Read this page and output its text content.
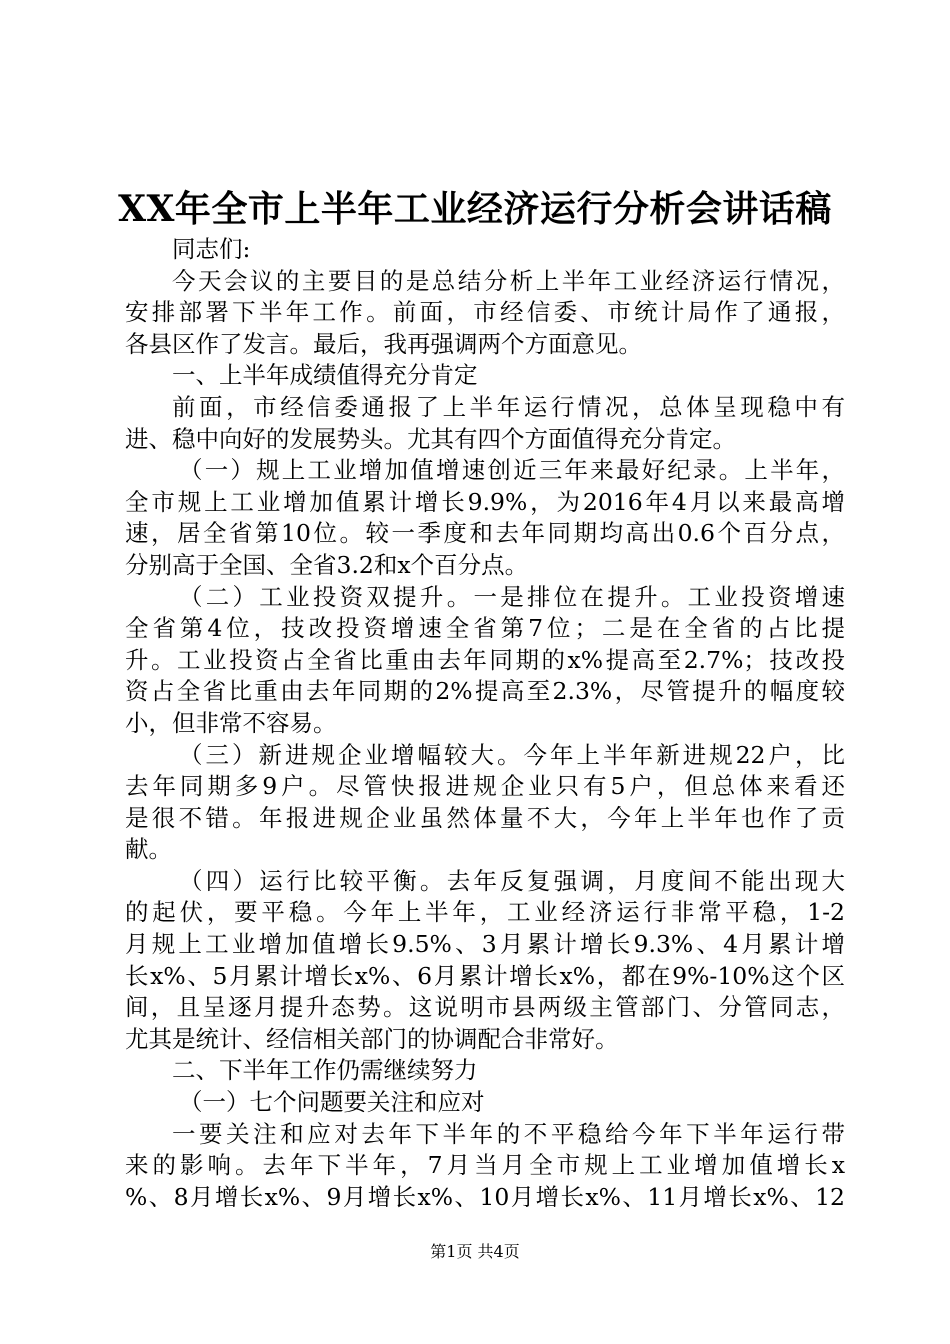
XX年全市上半年工业经济运行分析会讲话稿
同志们:
今天会议的主要目的是总结分析上半年工业经济运行情况，
安排部署下半年工作。前面，市经信委、市统计局作了通报，
各县区作了发言。最后，我再强调两个方面意见。
一、上半年成绩值得充分肯定
前面，市经信委通报了上半年运行情况，总体呈现稳中有
进、稳中向好的发展势头。尤其有四个方面值得充分肯定。
（一）规上工业增加值增速创近三年来最好纪录。上半年，
全市规上工业增加值累计增长9.9%，为2016年4月以来最高增
速，居全省第10位。较一季度和去年同期均高出0.6个百分点，
分别高于全国、全省3.2和x个百分点。
（二）工业投资双提升。一是排位在提升。工业投资增速
全省第4位，技改投资增速全省第7位；二是在全省的占比提
升。工业投资占全省比重由去年同期的x%提高至2.7%；技改投
资占全省比重由去年同期的2%提高至2.3%，尽管提升的幅度较
小，但非常不容易。
（三）新进规企业增幅较大。今年上半年新进规22户，比
去年同期多9户。尽管快报进规企业只有5户，但总体来看还
是很不错。年报进规企业虽然体量不大，今年上半年也作了贡
献。
（四）运行比较平衡。去年反复强调，月度间不能出现大
的起伏，要平稳。今年上半年，工业经济运行非常平稳，1-2
月规上工业增加值增长9.5%、3月累计增长9.3%、4月累计增
长x%、5月累计增长x%、6月累计增长x%，都在9%-10%这个区
间，且呈逐月提升态势。这说明市县两级主管部门、分管同志，
尤其是统计、经信相关部门的协调配合非常好。
二、下半年工作仍需继续努力
（一）七个问题要关注和应对
一要关注和应对去年下半年的不平稳给今年下半年运行带
来的影响。去年下半年，7月当月全市规上工业增加值增长x
%、8月增长x%、9月增长x%、10月增长x%、11月增长x%、12
第1页 共4页
